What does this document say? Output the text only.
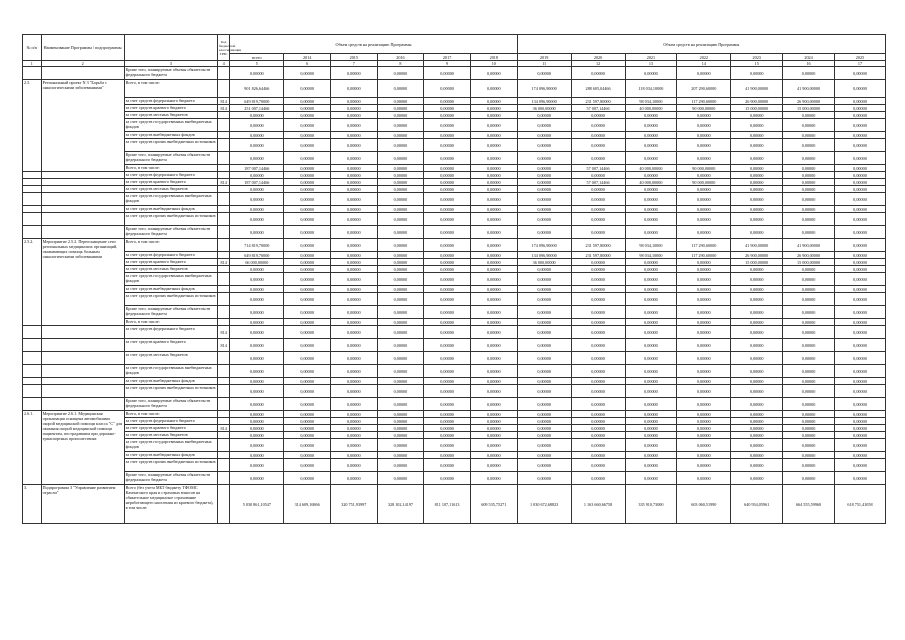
№ п/п	Наименование Программы / подпрограммы		Код бюджетной классификации ГРБС	Объем средств на реализацию Программы						Объем средств на реализацию Программы						
				всего	2014	2015	2016	2017	2018	2019	2020	2021	2022	2023	2024	2025
1	2	3	4	5	6	7	8	9	10	11	12	13	14	15	16	17
		Кроме того, планируемые объемы обязательств федерального бюджета		0,00000	0,00000	0,00000	0,00000	0,00000	0,00000	0,00000	0,00000	0,00000	0,00000	0,00000	0,00000	0,00000
2.5.	Региональный проект N 3 "Борьба с онкологическими заболеваниями"	Всего, в том числе:		901 826,64466	0,00000	0,00000	0,00000	0,00000	0,00000	174 096,90000	288 605,04466	118 034,10000	207 290,60000	41 900,00000	41 900,00000	0,00000
		за счет средств федерального бюджета	814	649 819,70000	0,00000	0,00000	0,00000	0,00000	0,00000	134 096,90000	231 597,80000	98 034,10000	117 290,60000	26 900,00000	26 900,00000	0,00000
		за счет средств краевого бюджета	814	251 007,14466	0,00000	0,00000	0,00000	0,00000	0,00000	36 000,00000	57 007,14466	40 000,00000	90 000,00000	15 000,00000	15 000,00000	0,00000
		за счет средств местных бюджетов		0,00000	0,00000	0,00000	0,00000	0,00000	0,00000	0,00000	0,00000	0,00000	0,00000	0,00000	0,00000	0,00000
		за счет средств государственных внебюджетных фондов		0,00000	0,00000	0,00000	0,00000	0,00000	0,00000	0,00000	0,00000	0,00000	0,00000	0,00000	0,00000	0,00000
		за счет средств внебюджетных фондов		0,00000	0,00000	0,00000	0,00000	0,00000	0,00000	0,00000	0,00000	0,00000	0,00000	0,00000	0,00000	0,00000
		за счет средств прочих внебюджетных источников		0,00000	0,00000	0,00000	0,00000	0,00000	0,00000	0,00000	0,00000	0,00000	0,00000	0,00000	0,00000	0,00000
		Кроме того, планируемые объемы обязательств федерального бюджета		0,00000	0,00000	0,00000	0,00000	0,00000	0,00000	0,00000	0,00000	0,00000	0,00000	0,00000	0,00000	0,00000
		Всего, в том числе:		187 007,14466	0,00000	0,00000	0,00000	0,00000	0,00000	0,00000	57 007,14466	40 000,00000	90 000,00000	0,00000	0,00000	0,00000
		за счет средств федерального бюджета		0,00000	0,00000	0,00000	0,00000	0,00000	0,00000	0,00000	0,00000	0,00000	0,00000	0,00000	0,00000	0,00000
		за счет средств краевого бюджета	814	187 007,14466	0,00000	0,00000	0,00000	0,00000	0,00000	0,00000	57 007,14466	40 000,00000	90 000,00000	0,00000	0,00000	0,00000
		за счет средств местных бюджетов		0,00000	0,00000	0,00000	0,00000	0,00000	0,00000	0,00000	0,00000	0,00000	0,00000	0,00000	0,00000	0,00000
		за счет средств государственных внебюджетных фондов		0,00000	0,00000	0,00000	0,00000	0,00000	0,00000	0,00000	0,00000	0,00000	0,00000	0,00000	0,00000	0,00000
		за счет средств внебюджетных фондов		0,00000	0,00000	0,00000	0,00000	0,00000	0,00000	0,00000	0,00000	0,00000	0,00000	0,00000	0,00000	0,00000
		за счет средств прочих внебюджетных источников		0,00000	0,00000	0,00000	0,00000	0,00000	0,00000	0,00000	0,00000	0,00000	0,00000	0,00000	0,00000	0,00000
		Кроме того, планируемые объемы обязательств федерального бюджета		0,00000	0,00000	0,00000	0,00000	0,00000	0,00000	0,00000	0,00000	0,00000	0,00000	0,00000	0,00000	0,00000
2.5.2.	Мероприятие 2.5.2. Переоснащение сети региональных медицинских организаций, оказывающих помощь больным онкологическими заболеваниями	Всего, в том числе:		714 819,70000	0,00000	0,00000	0,00000	0,00000	0,00000	174 096,90000	231 597,80000	98 034,10000	117 290,60000	41 900,00000	41 900,00000	0,00000
		за счет средств федерального бюджета		649 819,70000	0,00000	0,00000	0,00000	0,00000	0,00000	134 096,90000	231 597,80000	98 034,10000	117 290,60000	26 900,00000	26 900,00000	0,00000
		за счет средств краевого бюджета	814	66 000,00000	0,00000	0,00000	0,00000	0,00000	0,00000	36 000,00000	0,00000	0,00000	0,00000	15 000,00000	15 000,00000	0,00000
		за счет средств местных бюджетов		0,00000	0,00000	0,00000	0,00000	0,00000	0,00000	0,00000	0,00000	0,00000	0,00000	0,00000	0,00000	0,00000
		за счет средств государственных внебюджетных фондов		0,00000	0,00000	0,00000	0,00000	0,00000	0,00000	0,00000	0,00000	0,00000	0,00000	0,00000	0,00000	0,00000
		за счет средств внебюджетных фондов		0,00000	0,00000	0,00000	0,00000	0,00000	0,00000	0,00000	0,00000	0,00000	0,00000	0,00000	0,00000	0,00000
		за счет средств прочих внебюджетных источников		0,00000	0,00000	0,00000	0,00000	0,00000	0,00000	0,00000	0,00000	0,00000	0,00000	0,00000	0,00000	0,00000
		Кроме того, планируемые объемы обязательств федерального бюджета		0,00000	0,00000	0,00000	0,00000	0,00000	0,00000	0,00000	0,00000	0,00000	0,00000	0,00000	0,00000	0,00000
		Всего, в том числе:		0,00000	0,00000	0,00000	0,00000	0,00000	0,00000	0,00000	0,00000	0,00000	0,00000	0,00000	0,00000	0,00000
		за счет средств федерального бюджета	814	0,00000	0,00000	0,00000	0,00000	0,00000	0,00000	0,00000	0,00000	0,00000	0,00000	0,00000	0,00000	0,00000
		за счет средств краевого бюджета	814	0,00000	0,00000	0,00000	0,00000	0,00000	0,00000	0,00000	0,00000	0,00000	0,00000	0,00000	0,00000	0,00000
		за счет средств местных бюджетов		0,00000	0,00000	0,00000	0,00000	0,00000	0,00000	0,00000	0,00000	0,00000	0,00000	0,00000	0,00000	0,00000
		за счет средств государственных внебюджетных фондов		0,00000	0,00000	0,00000	0,00000	0,00000	0,00000	0,00000	0,00000	0,00000	0,00000	0,00000	0,00000	0,00000
		за счет средств внебюджетных фондов		0,00000	0,00000	0,00000	0,00000	0,00000	0,00000	0,00000	0,00000	0,00000	0,00000	0,00000	0,00000	0,00000
		за счет средств прочих внебюджетных источников		0,00000	0,00000	0,00000	0,00000	0,00000	0,00000	0,00000	0,00000	0,00000	0,00000	0,00000	0,00000	0,00000
		Кроме того, планируемые объемы обязательств федерального бюджета		0,00000	0,00000	0,00000	0,00000	0,00000	0,00000	0,00000	0,00000	0,00000	0,00000	0,00000	0,00000	0,00000
2.6.1.	Мероприятие 2.6.1. Медицинская организация оснащена автомобилями скорой медицинской помощи класса "С" для оказания скорой медицинской помощи пациентам, пострадавшим при дорожно-транспортных происшествиях	Всего, в том числе:		0,00000	0,00000	0,00000	0,00000	0,00000	0,00000	0,00000	0,00000	0,00000	0,00000	0,00000	0,00000	0,00000
		за счет средств федерального бюджета		0,00000	0,00000	0,00000	0,00000	0,00000	0,00000	0,00000	0,00000	0,00000	0,00000	0,00000	0,00000	0,00000
		за счет средств краевого бюджета	814	0,00000	0,00000	0,00000	0,00000	0,00000	0,00000	0,00000	0,00000	0,00000	0,00000	0,00000	0,00000	0,00000
		за счет средств местных бюджетов		0,00000	0,00000	0,00000	0,00000	0,00000	0,00000	0,00000	0,00000	0,00000	0,00000	0,00000	0,00000	0,00000
		за счет средств государственных внебюджетных фондов		0,00000	0,00000	0,00000	0,00000	0,00000	0,00000	0,00000	0,00000	0,00000	0,00000	0,00000	0,00000	0,00000
		за счет средств внебюджетных фондов		0,00000	0,00000	0,00000	0,00000	0,00000	0,00000	0,00000	0,00000	0,00000	0,00000	0,00000	0,00000	0,00000
		за счет средств прочих внебюджетных источников		0,00000	0,00000	0,00000	0,00000	0,00000	0,00000	0,00000	0,00000	0,00000	0,00000	0,00000	0,00000	0,00000
		Кроме того, планируемые объемы обязательств федерального бюджета		0,00000	0,00000	0,00000	0,00000	0,00000	0,00000	0,00000	0,00000	0,00000	0,00000	0,00000	0,00000	0,00000
3.	Подпрограмма 3 "Управление развитием отрасли"	Всего (без учета МБТ бюджету ТФОМС Камчатского края и страховых взносов на обязательное медицинское страхование неработающего населения из краевого бюджета), в том числе:		5 030 861,10547	314 609,16866	320 751,93997	328 102,14197	811 107,11613	609 535,75271	1 030 672,68823	1 163 660,66758	335 910,73000	603 060,51990	640 934,05961	664 555,59960	618 751,41058
